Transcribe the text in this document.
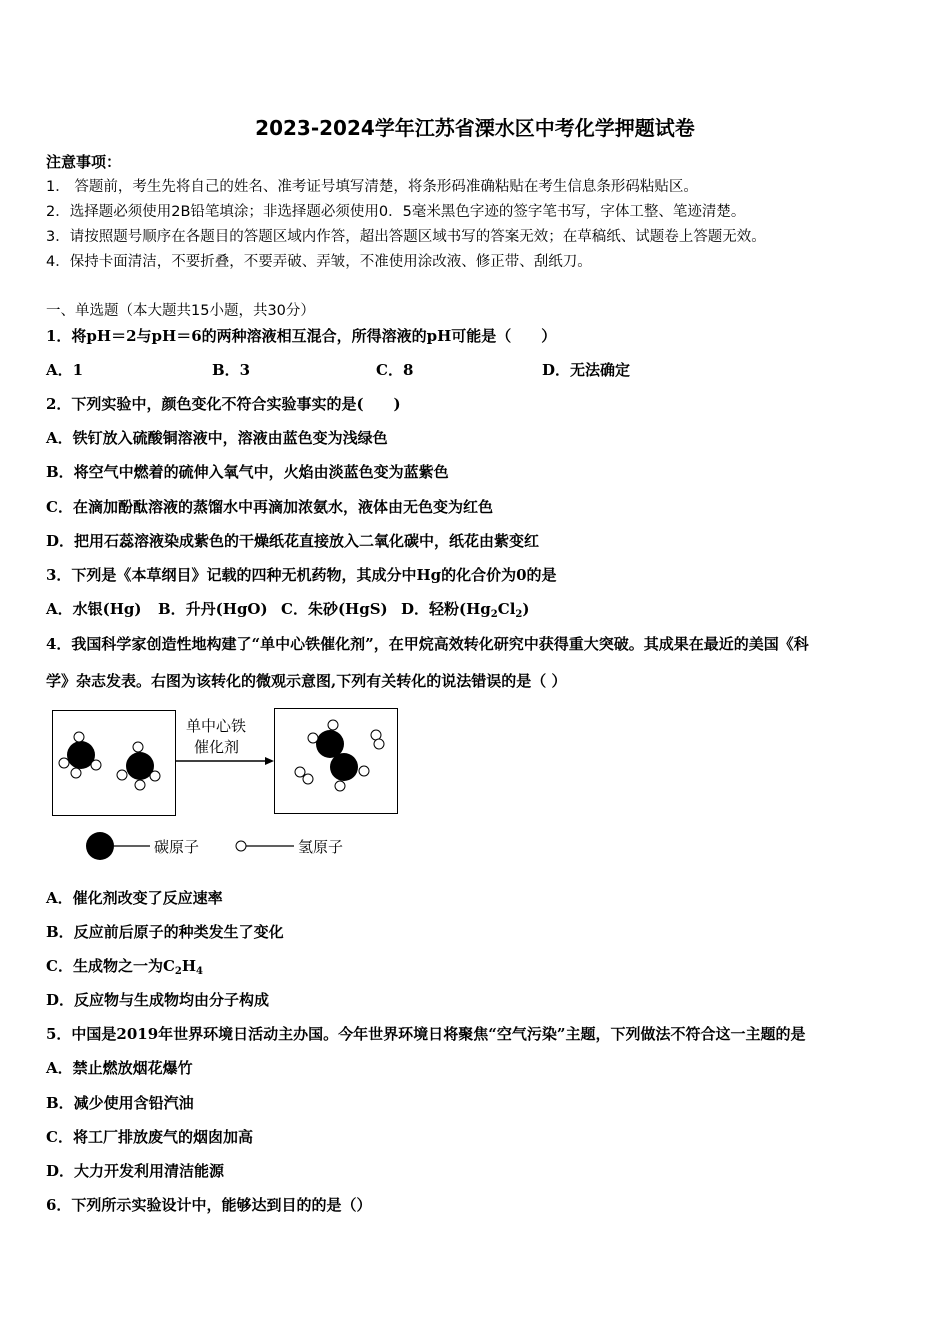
2023-2024学年江苏省溧水区中考化学押题试卷
注意事项：
1． 答题前，考生先将自己的姓名、准考证号填写清楚，将条形码准确粘贴在考生信息条形码粘贴区。
2．选择题必须使用2B铅笔填涂；非选择题必须使用0．5毫米黑色字迹的签字笔书写，字体工整、笔迹清楚。
3．请按照题号顺序在各题目的答题区域内作答，超出答题区域书写的答案无效；在草稿纸、试题卷上答题无效。
4．保持卡面清洁，不要折叠，不要弄破、弄皱，不准使用涂改液、修正带、刮纸刀。
一、单选题（本大题共15小题，共30分）
1．将pH＝2与pH＝6的两种溶液相互混合，所得溶液的pH可能是（　　）
A．1	B．3	C．8	D．无法确定
2．下列实验中，颜色变化不符合实验事实的是(　　)
A．铁钉放入硫酸铜溶液中，溶液由蓝色变为浅绿色
B．将空气中燃着的硫伸入氧气中，火焰由淡蓝色变为蓝紫色
C．在滴加酚酞溶液的蒸馏水中再滴加浓氨水，液体由无色变为红色
D．把用石蕊溶液染成紫色的干燥纸花直接放入二氧化碳中，纸花由紫变红
3．下列是《本草纲目》记载的四种无机药物，其成分中Hg的化合价为0的是
A．水银(Hg) B．升丹(HgO) C．朱砂(HgS) D．轻粉$(Hg_2Cl_2)$
4．我国科学家创造性地构建了“单中心铁催化剂”，在甲烷高效转化研究中获得重大突破。其成果在最近的美国《科
学》杂志发表。右图为该转化的微观示意图,下列有关转化的说法错误的是（ ）
单中心铁
催化剂
碳原子	氢原子
A．催化剂改变了反应速率
B．反应前后原子的种类发生了变化
C．生成物之一为$C_2H_4$
D．反应物与生成物均由分子构成
5．中国是2019年世界环境日活动主办国。今年世界环境日将聚焦“空气污染”主题，下列做法不符合这一主题的是
A．禁止燃放烟花爆竹
B．减少使用含铅汽油
C．将工厂排放废气的烟囱加高
D．大力开发利用清洁能源
6．下列所示实验设计中，能够达到目的的是（）
